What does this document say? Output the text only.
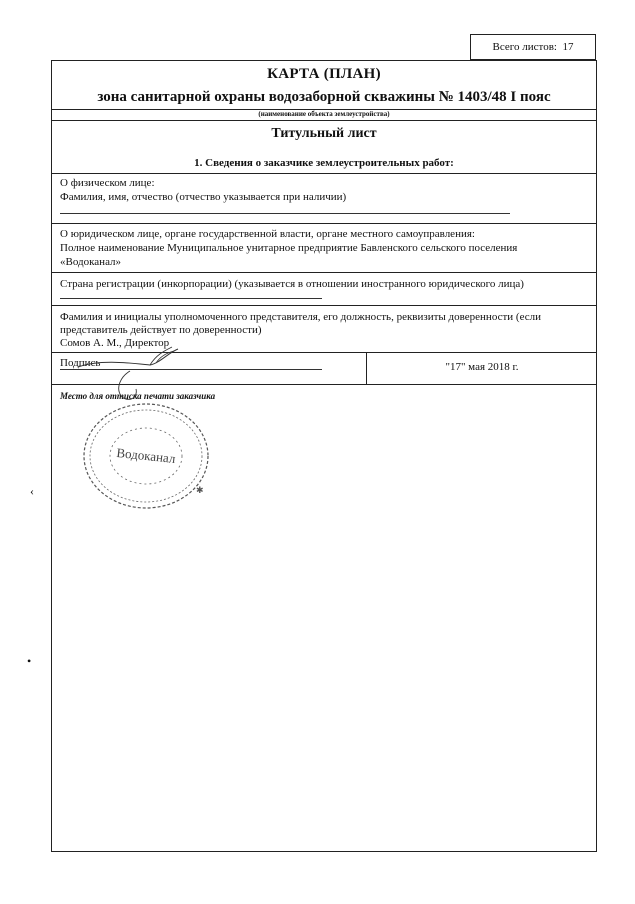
Всего листов:
17
КАРТА (ПЛАН)
зона санитарной охраны водозаборной скважины № 1403/48 I пояс
(наименование объекта землеустройства)
Титульный лист
1. Сведения о заказчике землеустроительных работ:
О физическом лице:
Фамилия, имя, отчество (отчество указывается при наличии)
О юридическом лице, органе государственной власти, органе местного самоуправления:
Полное наименование Муниципальное унитарное предприятие Бавленского сельского поселения
«Водоканал»
Страна регистрации (инкорпорации) (указывается в отношении иностранного юридического лица)
Фамилия и инициалы уполномоченного представителя, его должность, реквизиты доверенности (если
представитель действует по доверенности)
Сомов А. М., Директор
Подпись	"17" мая 2018 г.
Место для оттиска печати заказчика
Водоканал
✱
‹
•
